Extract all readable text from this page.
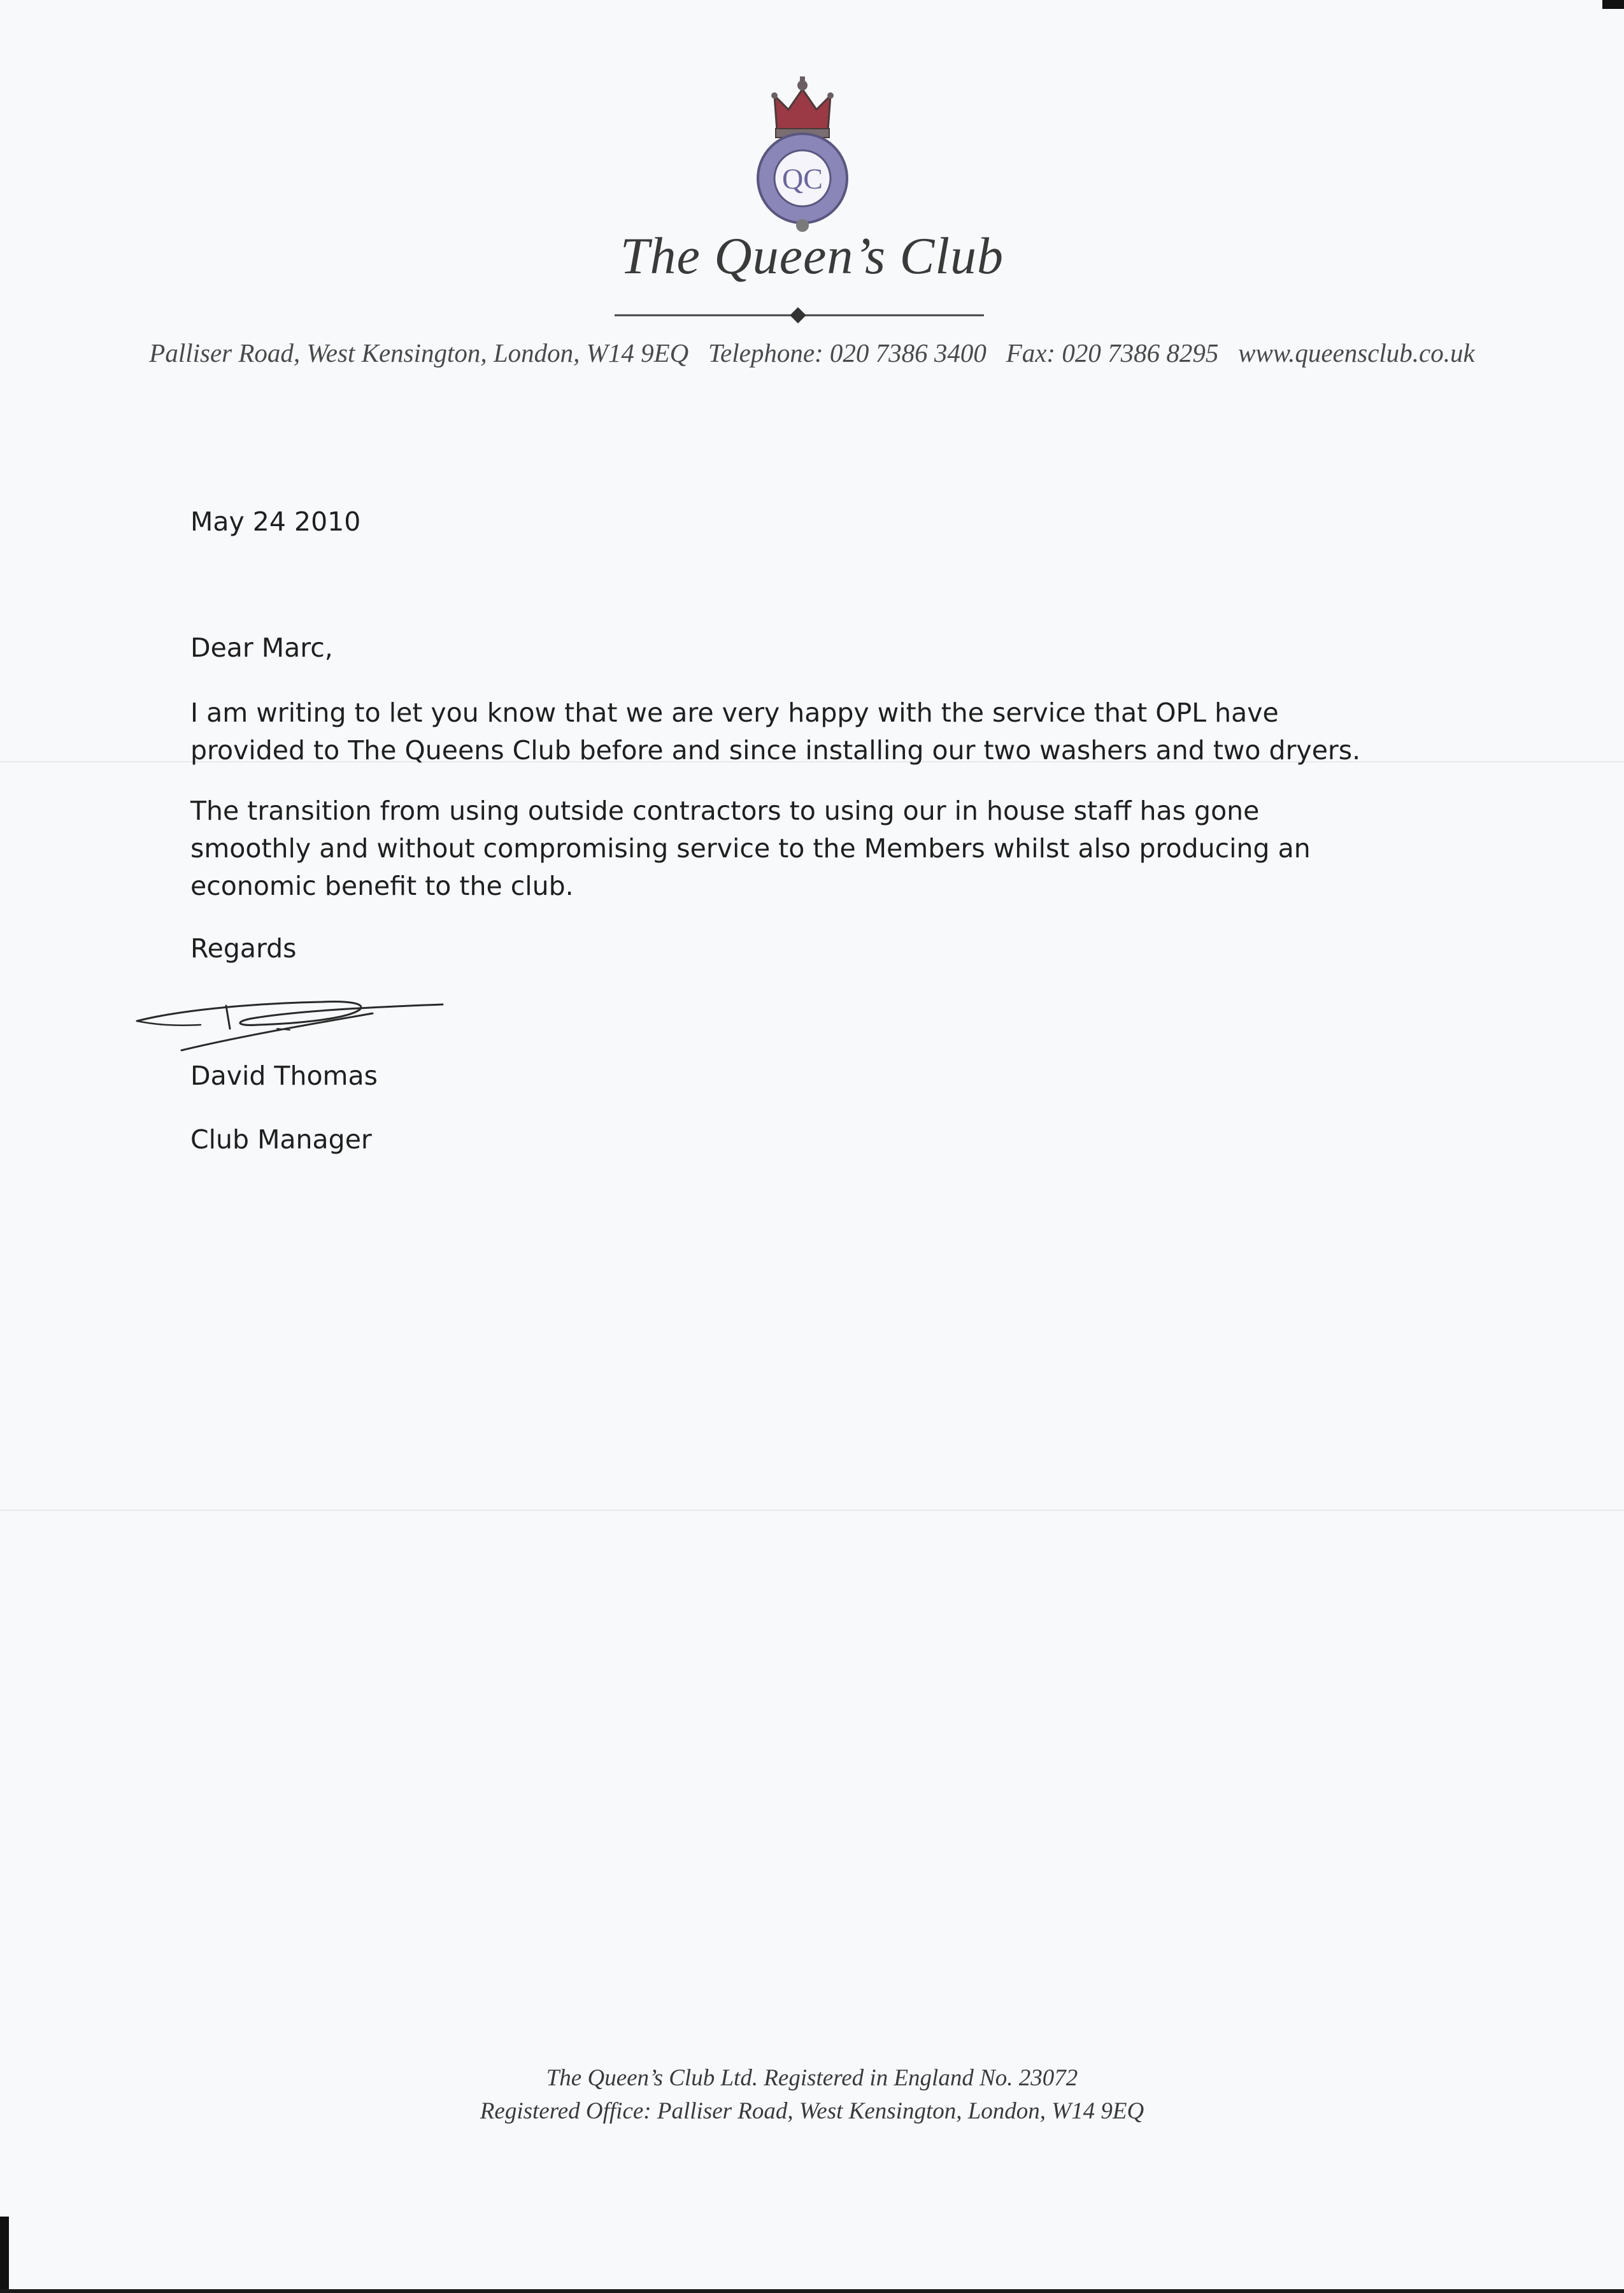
QC
The Queen’s Club
Palliser Road, West Kensington, London, W14 9EQ Telephone: 020 7386 3400 Fax: 020 7386 8295 www.queensclub.co.uk
May 24 2010
Dear Marc,
I am writing to let you know that we are very happy with the service that OPL have
provided to The Queens Club before and since installing our two washers and two dryers.
The transition from using outside contractors to using our in house staff has gone
smoothly and without compromising service to the Members whilst also producing an
economic benefit to the club.
Regards
David Thomas
Club Manager
The Queen’s Club Ltd. Registered in England No. 23072
Registered Office: Palliser Road, West Kensington, London, W14 9EQ
